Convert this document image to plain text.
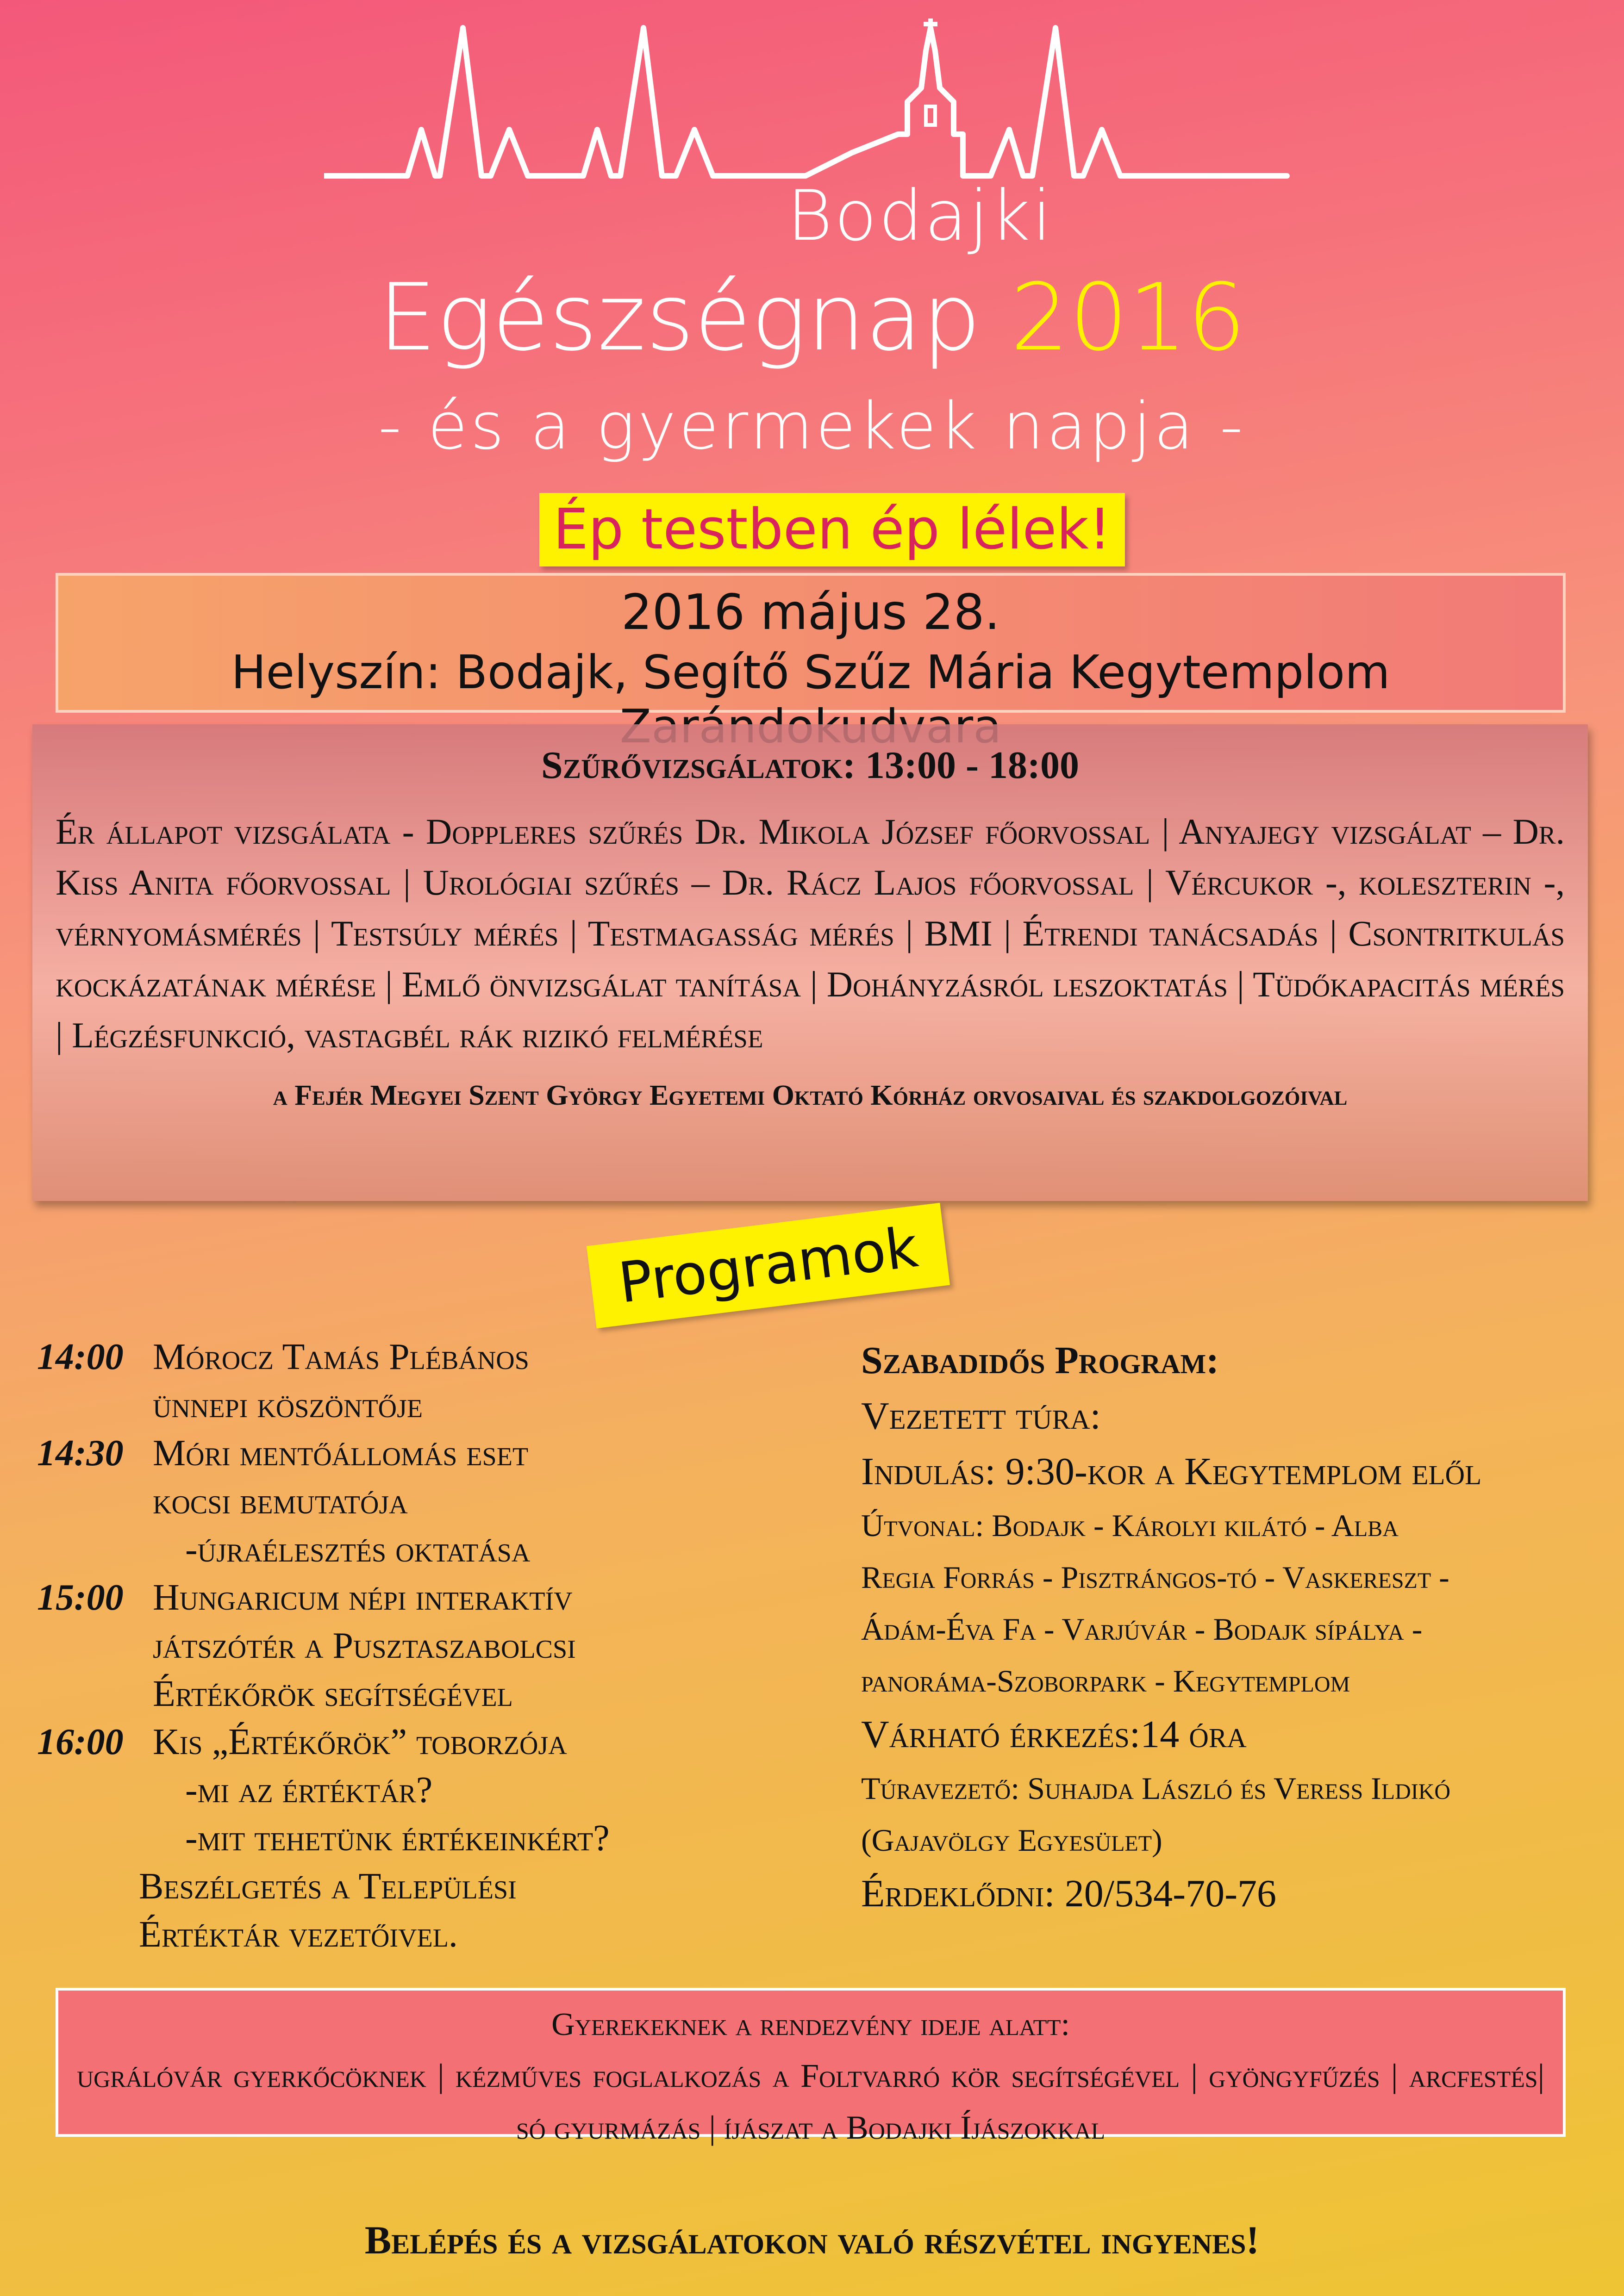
Bodajki
Egészségnap 2016
- és a gyermekek napja -
Ép testben ép lélek!
2016 május 28.
Helyszín: Bodajk, Segítő Szűz Mária Kegytemplom
Szűrővizsgálatok: 13:00 - 18:00
Ér állapot vizsgálata - Doppleres szűrés Dr. Mikola József főorvossal | Anyajegy vizsgálat – Dr. Kiss Anita főorvossal | Urológiai szűrés – Dr. Rácz Lajos főorvossal | Vércukor -, koleszterin -, vérnyomásmérés | Testsúly mérés | Testmagasság mérés | BMI | Étrendi tanácsadás | Csontritkulás kockázatának mérése | Emlő önvizsgálat tanítása | Dohányzásról leszoktatás | Tüdőkapacitás mérés | Légzésfunkció, vastagbél rák rizikó felmérése
a Fejér Megyei Szent György Egyetemi Oktató Kórház orvosaival és szakdolgozóival
Programok
14:00 Mórocz Tamás Plébános
ünnepi köszöntője
14:30 Móri mentőállomás eset
kocsi bemutatója
-újraélesztés oktatása
15:00 Hungaricum népi interaktív
játszótér a Pusztaszabolcsi
Értékőrök segítségével
16:00 Kis „Értékőrök” toborzója
-mi az értéktár?
-mit tehetünk értékeinkért?
Beszélgetés a Települési
Értéktár vezetőivel.
Szabadidős Program:
Vezetett túra:
Indulás: 9:30-kor a Kegytemplom elől
Útvonal: Bodajk - Károlyi kilátó - Alba
Regia Forrás - Pisztrángos-tó - Vaskereszt -
Ádám-Éva Fa - Varjúvár - Bodajk sípálya -
panoráma-Szoborpark - Kegytemplom
Várható érkezés:14 óra
Túravezető: Suhajda László és Veress Ildikó
(Gajavölgy Egyesület)
Érdeklődni: 20/534-70-76
Gyerekeknek a rendezvény ideje alatt:
ugrálóvár gyerkőcöknek | kézműves foglalkozás a Foltvarró kör segítségével | gyöngyfűzés | arcfestés| só gyurmázás | íjászat a Bodajki Íjászokkal
Belépés és a vizsgálatokon való részvétel ingyenes!
